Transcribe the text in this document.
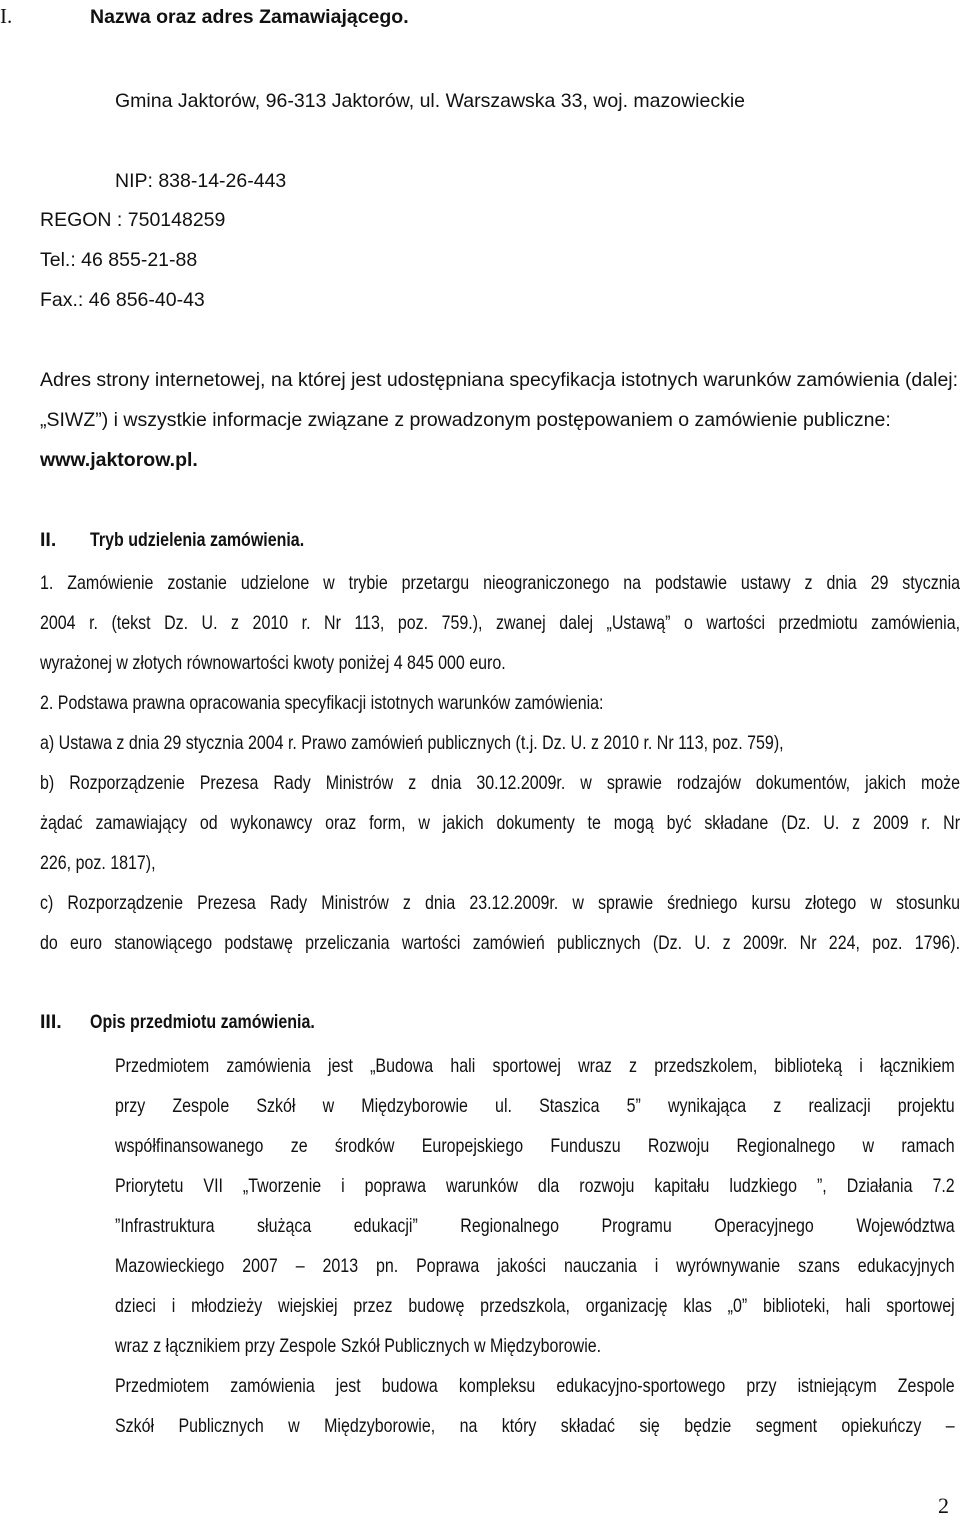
I.	Nazwa oraz adres Zamawiającego.
Gmina Jaktorów, 96-313 Jaktorów, ul. Warszawska 33, woj. mazowieckie
NIP: 838-14-26-443
REGON : 750148259
Tel.: 46 855-21-88
Fax.: 46 856-40-43
Adres strony internetowej, na której jest udostępniana specyfikacja istotnych warunków zamówienia (dalej:
„SIWZ”) i wszystkie informacje związane z prowadzonym postępowaniem o zamówienie publiczne:
www.jaktorow.pl.
II. Tryb udzielenia zamówienia.
1. Zamówienie zostanie udzielone w trybie przetargu nieograniczonego na podstawie ustawy z dnia 29 stycznia
2004 r. (tekst Dz. U. z 2010 r. Nr 113, poz. 759.), zwanej dalej „Ustawą” o wartości przedmiotu zamówienia,
wyrażonej w złotych równowartości kwoty poniżej 4 845 000 euro.
2. Podstawa prawna opracowania specyfikacji istotnych warunków zamówienia:
a) Ustawa z dnia 29 stycznia 2004 r. Prawo zamówień publicznych (t.j. Dz. U. z 2010 r. Nr 113, poz. 759),
b) Rozporządzenie Prezesa Rady Ministrów z dnia 30.12.2009r. w sprawie rodzajów dokumentów, jakich może
żądać zamawiający od wykonawcy oraz form, w jakich dokumenty te mogą być składane (Dz. U. z 2009 r. Nr
226, poz. 1817),
c) Rozporządzenie Prezesa Rady Ministrów z dnia 23.12.2009r. w sprawie średniego kursu złotego w stosunku
do euro stanowiącego podstawę przeliczania wartości zamówień publicznych (Dz. U. z 2009r. Nr 224, poz. 1796).
III. Opis przedmiotu zamówienia.
Przedmiotem zamówienia jest „Budowa hali sportowej wraz z przedszkolem, biblioteką i łącznikiem
przy Zespole Szkół w Międzyborowie ul. Staszica 5” wynikająca z realizacji projektu
współfinansowanego ze środków Europejskiego Funduszu Rozwoju Regionalnego w ramach
Priorytetu VII „Tworzenie i poprawa warunków dla rozwoju kapitału ludzkiego ”, Działania 7.2
”Infrastruktura służąca edukacji” Regionalnego Programu Operacyjnego Województwa
Mazowieckiego 2007 – 2013 pn. Poprawa jakości nauczania i wyrównywanie szans edukacyjnych
dzieci i młodzieży wiejskiej przez budowę przedszkola, organizację klas „0” biblioteki, hali sportowej
wraz z łącznikiem przy Zespole Szkół Publicznych w Międzyborowie.
Przedmiotem zamówienia jest budowa kompleksu edukacyjno-sportowego przy istniejącym Zespole
Szkół Publicznych w Międzyborowie, na który składać się będzie segment opiekuńczy –
2
